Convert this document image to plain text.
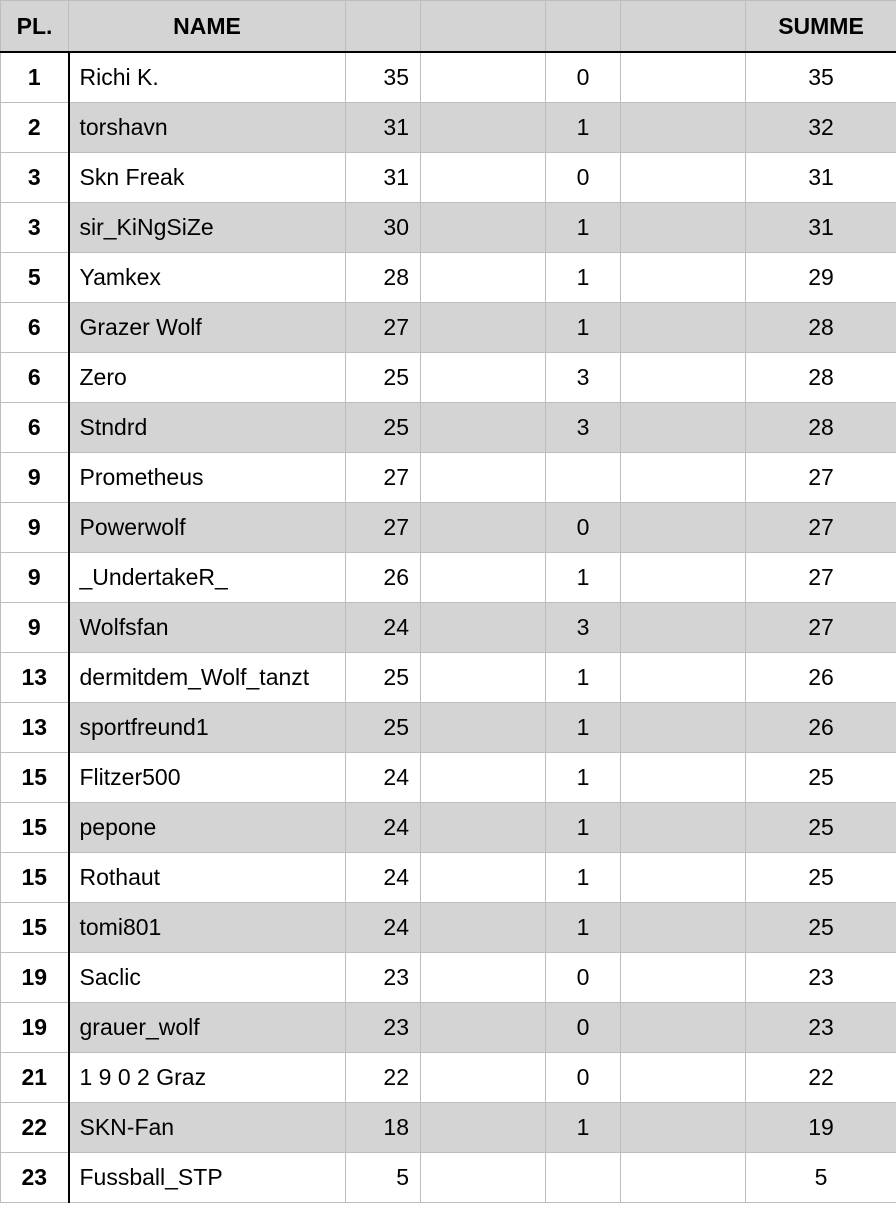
PL.	NAME					SUMME
1	Richi K.	35		0		35
2	torshavn	31		1		32
3	Skn Freak	31		0		31
3	sir_KiNgSiZe	30		1		31
5	Yamkex	28		1		29
6	Grazer Wolf	27		1		28
6	Zero	25		3		28
6	Stndrd	25		3		28
9	Prometheus	27				27
9	Powerwolf	27		0		27
9	_UndertakeR_	26		1		27
9	Wolfsfan	24		3		27
13	dermitdem_Wolf_tanzt	25		1		26
13	sportfreund1	25		1		26
15	Flitzer500	24		1		25
15	pepone	24		1		25
15	Rothaut	24		1		25
15	tomi801	24		1		25
19	Saclic	23		0		23
19	grauer_wolf	23		0		23
21	1 9 0 2 Graz	22		0		22
22	SKN-Fan	18		1		19
23	Fussball_STP	5				5
